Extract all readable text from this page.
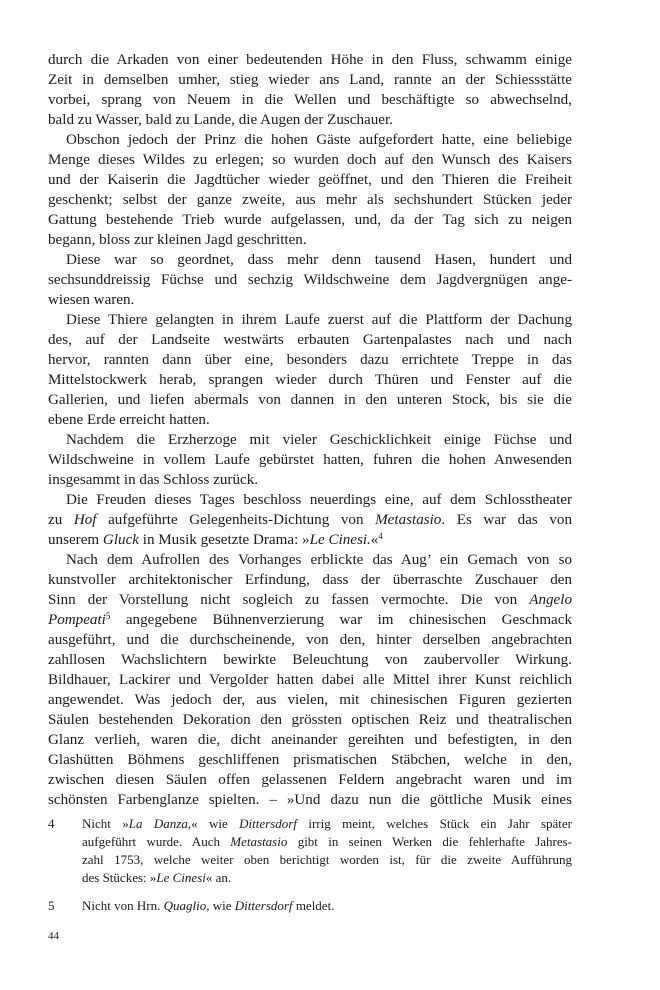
durch die Arkaden von einer bedeutenden Höhe in den Fluss, schwamm einige
Zeit in demselben umher, stieg wieder ans Land, rannte an der Schiessstätte
vorbei, sprang von Neuem in die Wellen und beschäftigte so abwechselnd,
bald zu Wasser, bald zu Lande, die Augen der Zuschauer.
Obschon jedoch der Prinz die hohen Gäste aufgefordert hatte, eine beliebige
Menge dieses Wildes zu erlegen; so wurden doch auf den Wunsch des Kaisers
und der Kaiserin die Jagdtücher wieder geöffnet, und den Thieren die Freiheit
geschenkt; selbst der ganze zweite, aus mehr als sechshundert Stücken jeder
Gattung bestehende Trieb wurde aufgelassen, und, da der Tag sich zu neigen
begann, bloss zur kleinen Jagd geschritten.
Diese war so geordnet, dass mehr denn tausend Hasen, hundert und
sechsunddreissig Füchse und sechzig Wildschweine dem Jagdvergnügen ange-
wiesen waren.
Diese Thiere gelangten in ihrem Laufe zuerst auf die Plattform der Dachung
des, auf der Landseite westwärts erbauten Gartenpalastes nach und nach
hervor, rannten dann über eine, besonders dazu errichtete Treppe in das
Mittelstockwerk herab, sprangen wieder durch Thüren und Fenster auf die
Gallerien, und liefen abermals von dannen in den unteren Stock, bis sie die
ebene Erde erreicht hatten.
Nachdem die Erzherzoge mit vieler Geschicklichkeit einige Füchse und
Wildschweine in vollem Laufe gebürstet hatten, fuhren die hohen Anwesenden
insgesammt in das Schloss zurück.
Die Freuden dieses Tages beschloss neuerdings eine, auf dem Schlosstheater
zu Hof aufgeführte Gelegenheits-Dichtung von Metastasio. Es war das von
unserem Gluck in Musik gesetzte Drama: »Le Cinesi.«$^4$
Nach dem Aufrollen des Vorhanges erblickte das Aug’ ein Gemach von so
kunstvoller architektonischer Erfindung, dass der überraschte Zuschauer den
Sinn der Vorstellung nicht sogleich zu fassen vermochte. Die von Angelo
Pompeati$^5$ angegebene Bühnenverzierung war im chinesischen Geschmack
ausgeführt, und die durchscheinende, von den, hinter derselben angebrachten
zahllosen Wachslichtern bewirkte Beleuchtung von zaubervoller Wirkung.
Bildhauer, Lackirer und Vergolder hatten dabei alle Mittel ihrer Kunst reichlich
angewendet. Was jedoch der, aus vielen, mit chinesischen Figuren gezierten
Säulen bestehenden Dekoration den grössten optischen Reiz und theatralischen
Glanz verlieh, waren die, dicht aneinander gereihten und befestigten, in den
Glashütten Böhmens geschliffenen prismatischen Stäbchen, welche in den,
zwischen diesen Säulen offen gelassenen Feldern angebracht waren und im
schönsten Farbenglanze spielten. – »Und dazu nun die göttliche Musik eines
4 Nicht »La Danza,« wie Dittersdorf irrig meint, welches Stück ein Jahr später
aufgeführt wurde. Auch Metastasio gibt in seinen Werken die fehlerhafte Jahres-
zahl 1753, welche weiter oben berichtigt worden ist, für die zweite Aufführung
des Stückes: »Le Cinesi« an.
5 Nicht von Hrn. Quaglio, wie Dittersdorf meldet.
44
